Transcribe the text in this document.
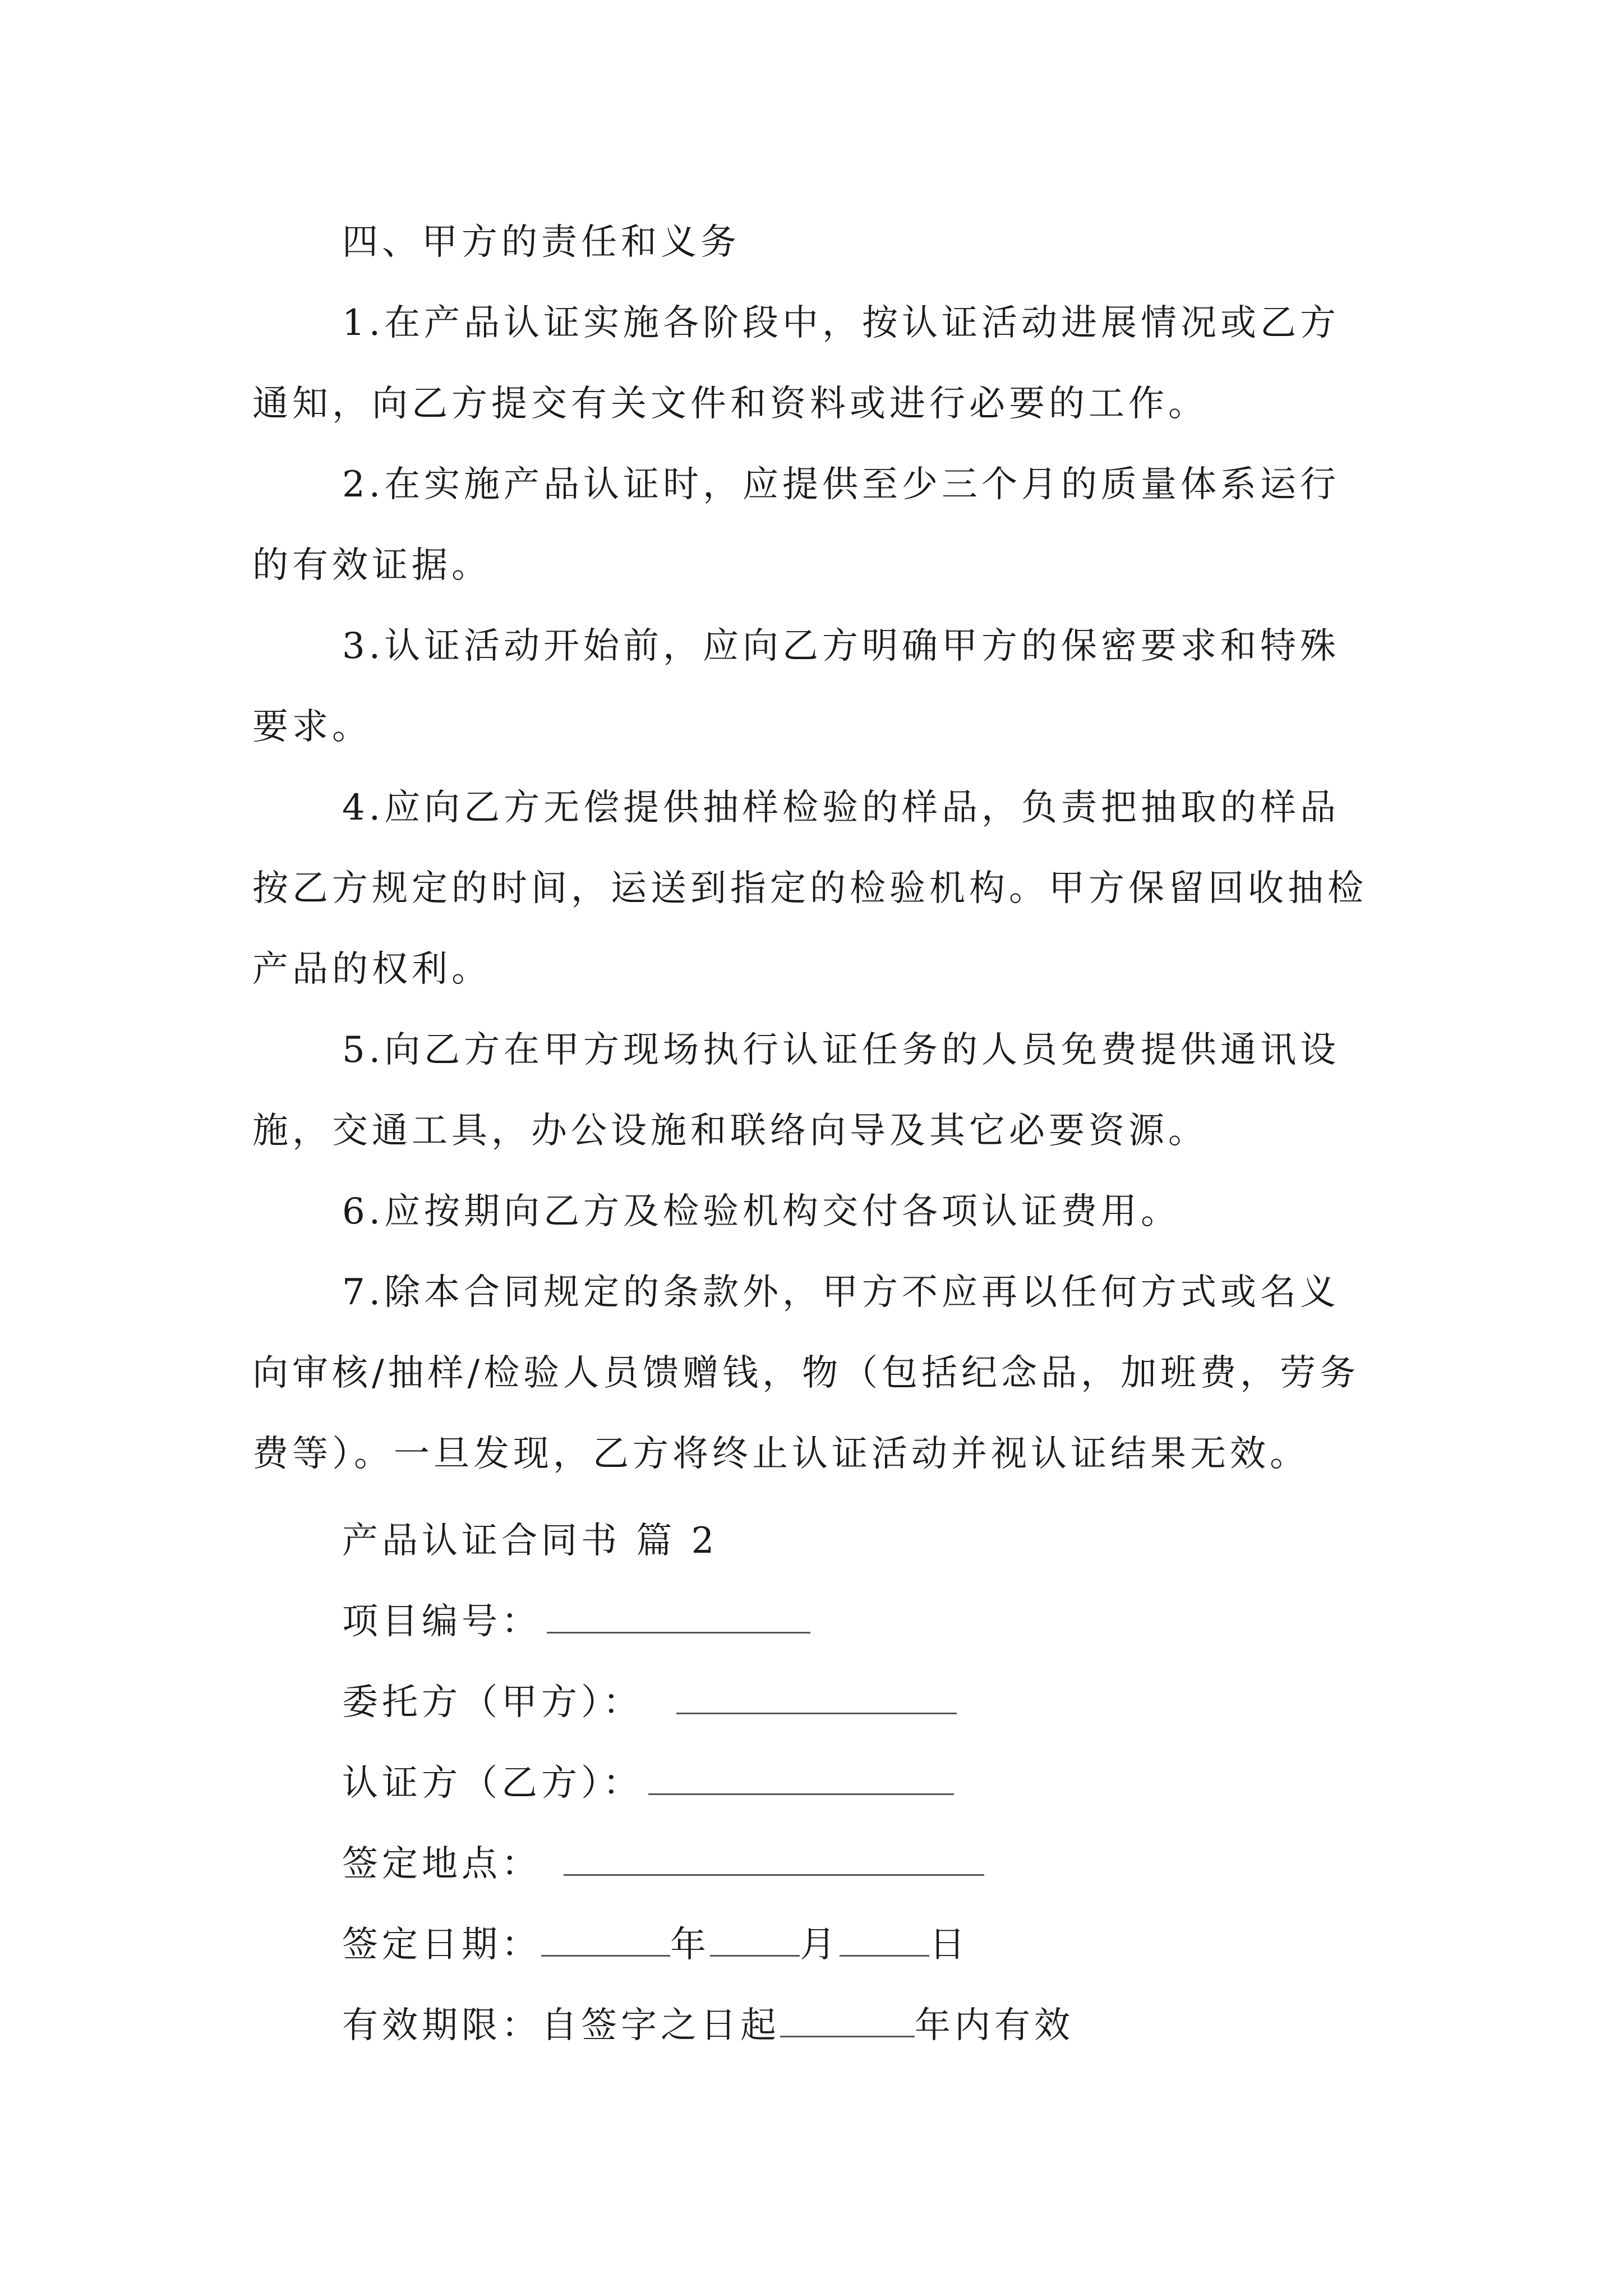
四、甲方的责任和义务

1.在产品认证实施各阶段中，按认证活动进展情况或乙方通知，向乙方提交有关文件和资料或进行必要的工作。

2.在实施产品认证时，应提供至少三个月的质量体系运行的有效证据。

3.认证活动开始前，应向乙方明确甲方的保密要求和特殊要求。

4.应向乙方无偿提供抽样检验的样品，负责把抽取的样品按乙方规定的时间，运送到指定的检验机构。甲方保留回收抽检产品的权利。

5.向乙方在甲方现场执行认证任务的人员免费提供通讯设施，交通工具，办公设施和联络向导及其它必要资源。

6.应按期向乙方及检验机构交付各项认证费用。

7.除本合同规定的条款外，甲方不应再以任何方式或名义向审核/抽样/检验人员馈赠钱，物（包括纪念品，加班费，劳务费等）。一旦发现，乙方将终止认证活动并视认证结果无效。

产品认证合同书 篇 2
项目编号：
委托方（甲方）：
认证方（乙方）：
签定地点：
签定日期：	年	月	日
有效期限：自签字之日起	年内有效
